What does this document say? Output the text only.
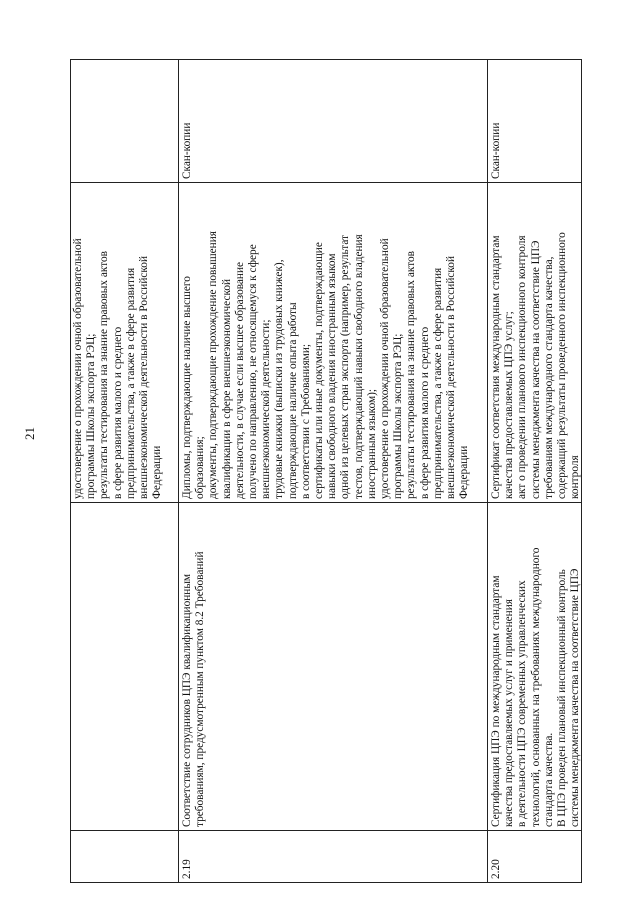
21	удостоверение о прохождении очной образовательной программы Школы экспорта РЭЦ; результаты тестирования на знание правовых актов в сфере развития малого и среднего предпринимательства, а также в сфере развития внешнеэкономической деятельности в Российской Федерации
2.19
Соответствие сотрудников ЦПЭ квалификационным требованиям, предусмотренным пунктом 8.2 Требований
Дипломы, подтверждающие наличие высшего образования; документы, подтверждающие прохождение повышения квалификации в сфере внешнеэкономической деятельности, в случае если высшее образование получено по направлению, не относящемуся к сфере внешнеэкономической деятельности; трудовые книжки (выписки из трудовых книжек), подтверждающие наличие опыта работы в соответствии с Требованиями; сертификаты или иные документы, подтверждающие навыки свободного владения иностранным языком одной из целевых стран экспорта (например, результат тестов, подтверждающий навыки свободного владения иностранным языком); удостоверение о прохождении очной образовательной программы Школы экспорта РЭЦ; результаты тестирования на знание правовых актов в сфере развития малого и среднего предпринимательства, а также в сфере развития внешнеэкономической деятельности в Российской Федерации
Скан-копии
2.20
Сертификация ЦПЭ по международным стандартам качества предоставляемых услуг и применения в деятельности ЦПЭ современных управленческих технологий, основанных на требованиях международного стандарта качества. В ЦПЭ проведен плановый инспекционный контроль системы менеджмента качества на соответствие ЦПЭ
Сертификат соответствия международным стандартам качества предоставляемых ЦПЭ услуг; акт о проведении планового инспекционного контроля системы менеджмента качества на соответствие ЦПЭ требованиям международного стандарта качества, содержащий результаты проведенного инспекционного контроля
Скан-копии
